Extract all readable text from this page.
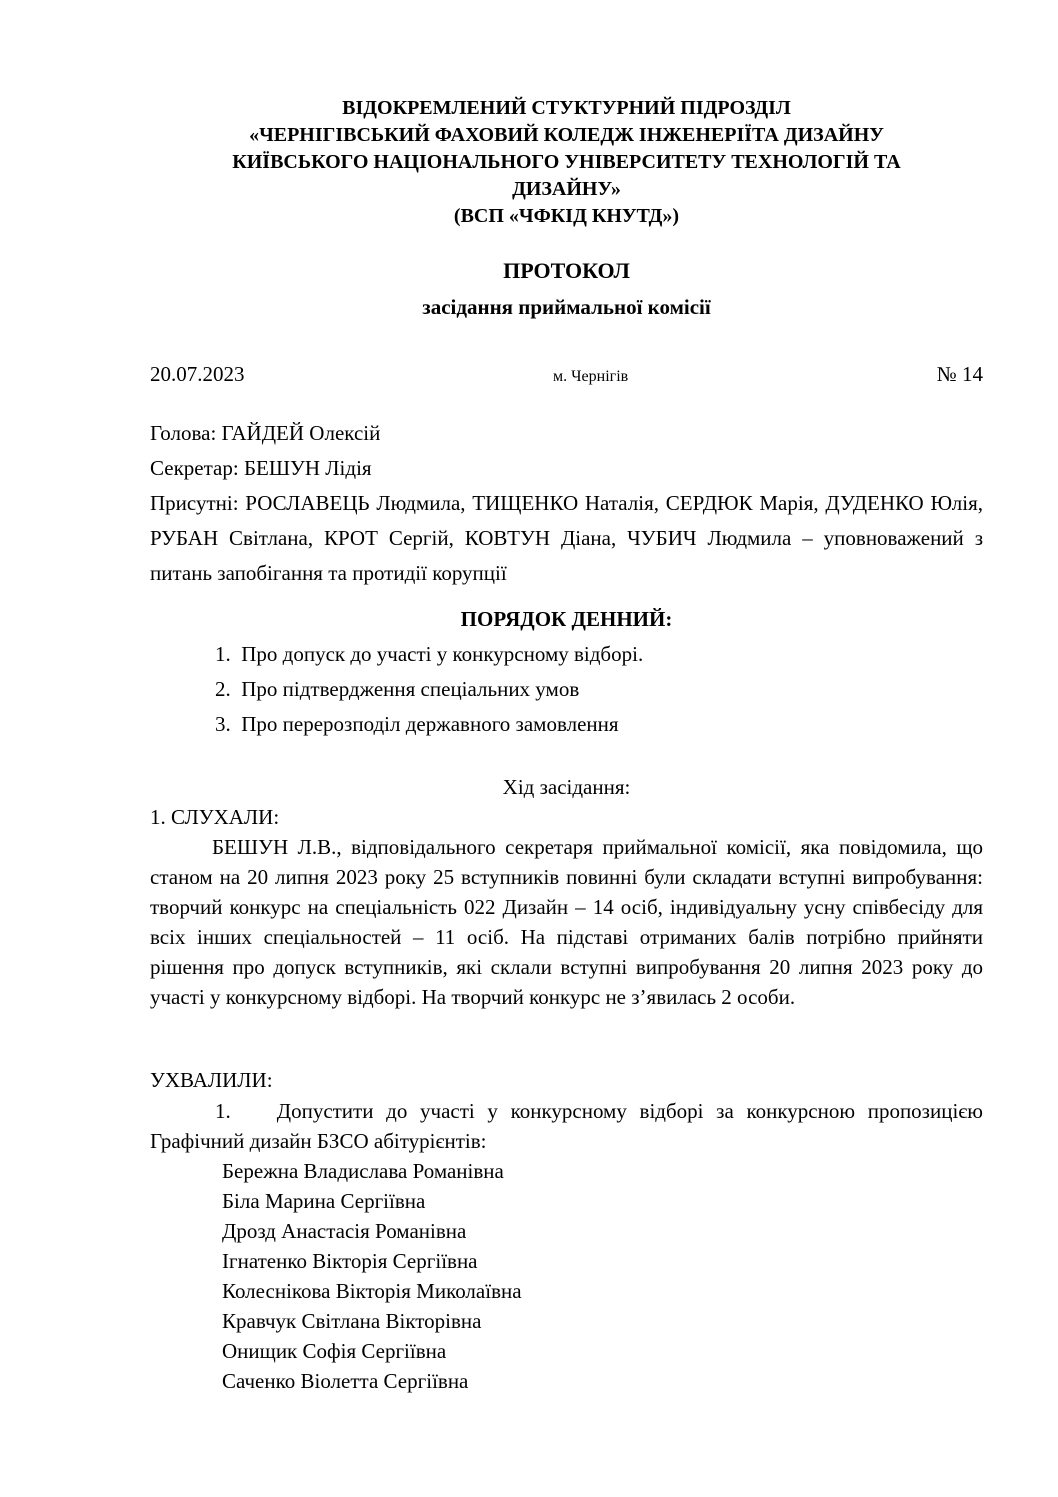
ВІДОКРЕМЛЕНИЙ СТУКТУРНИЙ ПІДРОЗДІЛ
«ЧЕРНІГІВСЬКИЙ ФАХОВИЙ КОЛЕДЖ ІНЖЕНЕРІЇТА ДИЗАЙНУ
КИЇВСЬКОГО НАЦІОНАЛЬНОГО УНІВЕРСИТЕТУ ТЕХНОЛОГІЙ ТА
ДИЗАЙНУ»
(ВСП «ЧФКІД КНУТД»)
ПРОТОКОЛ
засідання приймальної комісії
20.07.2023	м. Чернігів	№ 14
Голова: ГАЙДЕЙ Олексій
Секретар: БЕШУН Лідія

Присутні: РОСЛАВЕЦЬ Людмила, ТИЩЕНКО Наталія, СЕРДЮК Марія, ДУДЕНКО Юлія, РУБАН Світлана, КРОТ Сергій, КОВТУН Діана, ЧУБИЧ Людмила – уповноважений з питань запобігання та протидії корупції

ПОРЯДОК ДЕННИЙ:
Про допуск до участі у конкурсному відборі.
Про підтвердження спеціальних умов
Про перерозподіл державного замовлення
Хід засідання:
1. СЛУХАЛИ:

БЕШУН Л.В., відповідального секретаря приймальної комісії, яка повідомила, що станом на 20 липня 2023 року 25 вступників повинні були складати вступні випробування: творчий конкурс на спеціальність 022 Дизайн – 14 осіб, індивідуальну усну співбесіду для всіх інших спеціальностей – 11 осіб. На підставі отриманих балів потрібно прийняти рішення про допуск вступників, які склали вступні випробування 20 липня 2023 року до участі у конкурсному відборі. На творчий конкурс не з’явилась 2 особи.

УХВАЛИЛИ:

1. Допустити до участі у конкурсному відборі за конкурсною пропозицією Графічний дизайн БЗСО абітурієнтів:

Бережна Владислава Романівна
Біла Марина Сергіївна
Дрозд Анастасія Романівна
Ігнатенко Вікторія Сергіївна
Колеснікова Вікторія Миколаївна
Кравчук Світлана Вікторівна
Онищик Софія Сергіївна
Саченко Віолетта Сергіївна
